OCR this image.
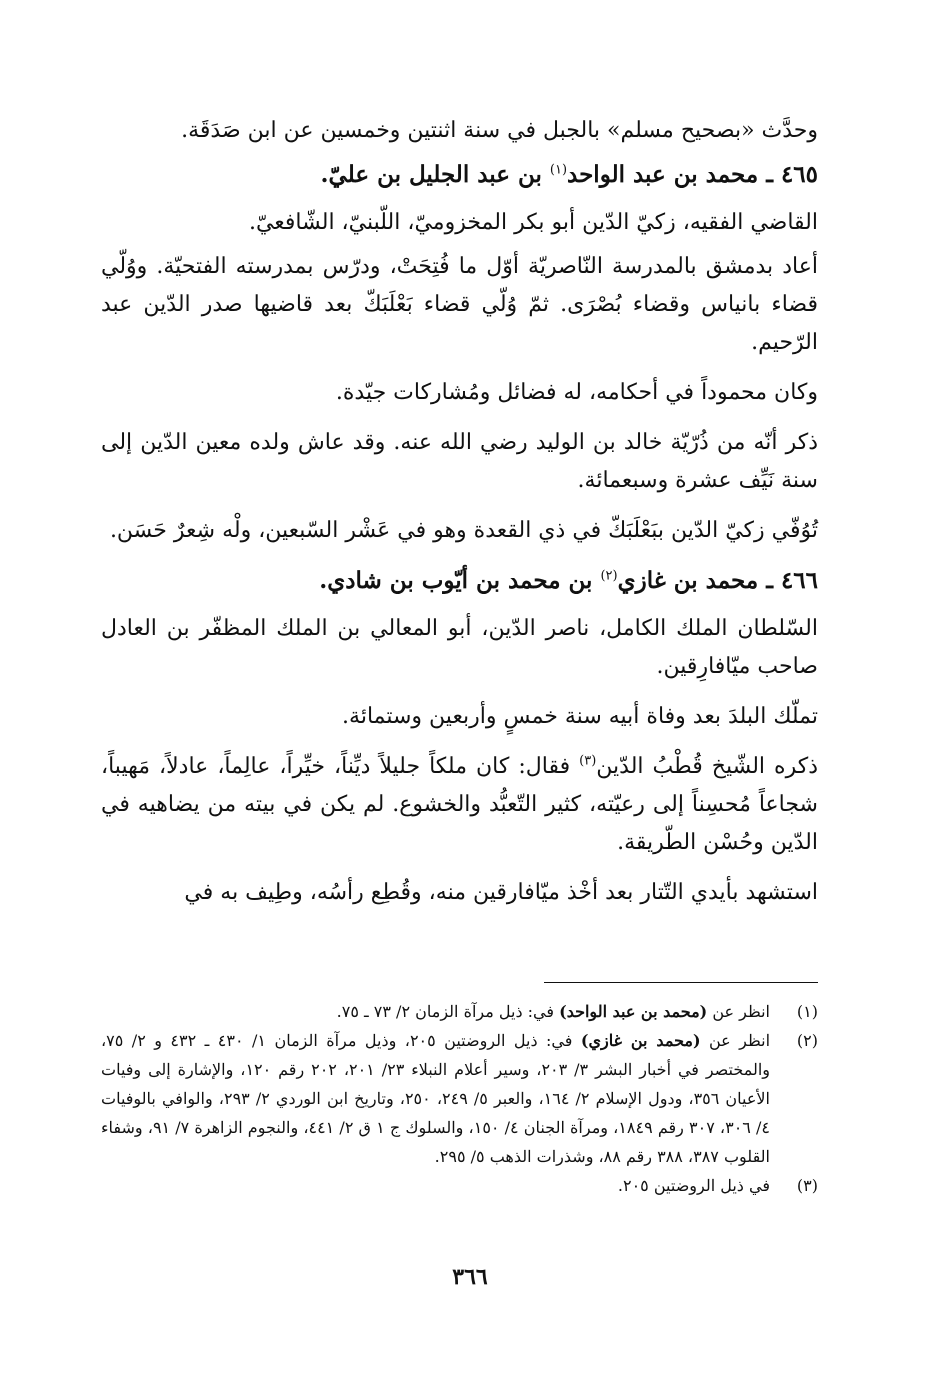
وحدَّث «بصحيح مسلم» بالجبل في سنة اثنتين وخمسين عن ابن صَدَقَة.

٤٦٥ ـ محمد بن عبد الواحد$^{(١)}$ بن عبد الجليل بن عليّ.

القاضي الفقيه، زكيّ الدّين أبو بكر المخزوميّ، اللّبنيّ، الشّافعيّ.

أعاد بدمشق بالمدرسة النّاصريّة أوّل ما فُتِحَتْ، ودرّس بمدرسته الفتحيّة. ووُلّي قضاء بانياس وقضاء بُصْرَى. ثمّ وُلّي قضاء بَعْلَبَكّ بعد قاضيها صدر الدّين عبد الرّحيم.

وكان محموداً في أحكامه، له فضائل ومُشاركات جيّدة.

ذكر أنّه من ذُرّيّة خالد بن الوليد رضي الله عنه. وقد عاش ولده معين الدّين إلى سنة نَيِّف عشرة وسبعمائة.

تُوُفّي زكيّ الدّين ببَعْلَبَكّ في ذي القعدة وهو في عَشْر السّبعين، ولْه شِعرٌ حَسَن.

٤٦٦ ـ محمد بن غازي$^{(٢)}$ بن محمد بن أيّوب بن شادي.

السّلطان الملك الكامل، ناصر الدّين، أبو المعالي بن الملك المظفّر بن العادل صاحب ميّافارِقين.

تملّك البلدَ بعد وفاة أبيه سنة خمسٍ وأربعين وستمائة.

ذكره الشّيخ قُطْبُ الدّين$^{(٣)}$ فقال: كان ملكاً جليلاً ديِّناً، خيِّراً، عالِماً، عادلاً، مَهيباً، شجاعاً مُحسِناً إلى رعيّته، كثير التّعبُّد والخشوع. لم يكن في بيته من يضاهيه في الدّين وحُسْن الطّريقة.

استشهد بأيدي التّتار بعد أخْذ ميّافارقين منه، وقُطِع رأسُه، وطِيف به في

(١)
انظر عن (محمد بن عبد الواحد) في: ذيل مرآة الزمان ٢/ ٧٣ ـ ٧٥.
(٢)
انظر عن (محمد بن غازي) في: ذيل الروضتين ٢٠٥، وذيل مرآة الزمان ١/ ٤٣٠ ـ ٤٣٢ و ٢/ ٧٥، والمختصر في أخبار البشر ٣/ ٢٠٣، وسير أعلام النبلاء ٢٣/ ٢٠١، ٢٠٢ رقم ١٢٠، والإشارة إلى وفيات الأعيان ٣٥٦، ودول الإسلام ٢/ ١٦٤، والعبر ٥/ ٢٤٩، ٢٥٠، وتاريخ ابن الوردي ٢/ ٢٩٣، والوافي بالوفيات ٤/ ٣٠٦، ٣٠٧ رقم ١٨٤٩، ومرآة الجنان ٤/ ١٥٠، والسلوك ج ١ ق ٢/ ٤٤١، والنجوم الزاهرة ٧/ ٩١، وشفاء القلوب ٣٨٧، ٣٨٨ رقم ٨٨، وشذرات الذهب ٥/ ٢٩٥.
(٣)
في ذيل الروضتين ٢٠٥.
٣٦٦
